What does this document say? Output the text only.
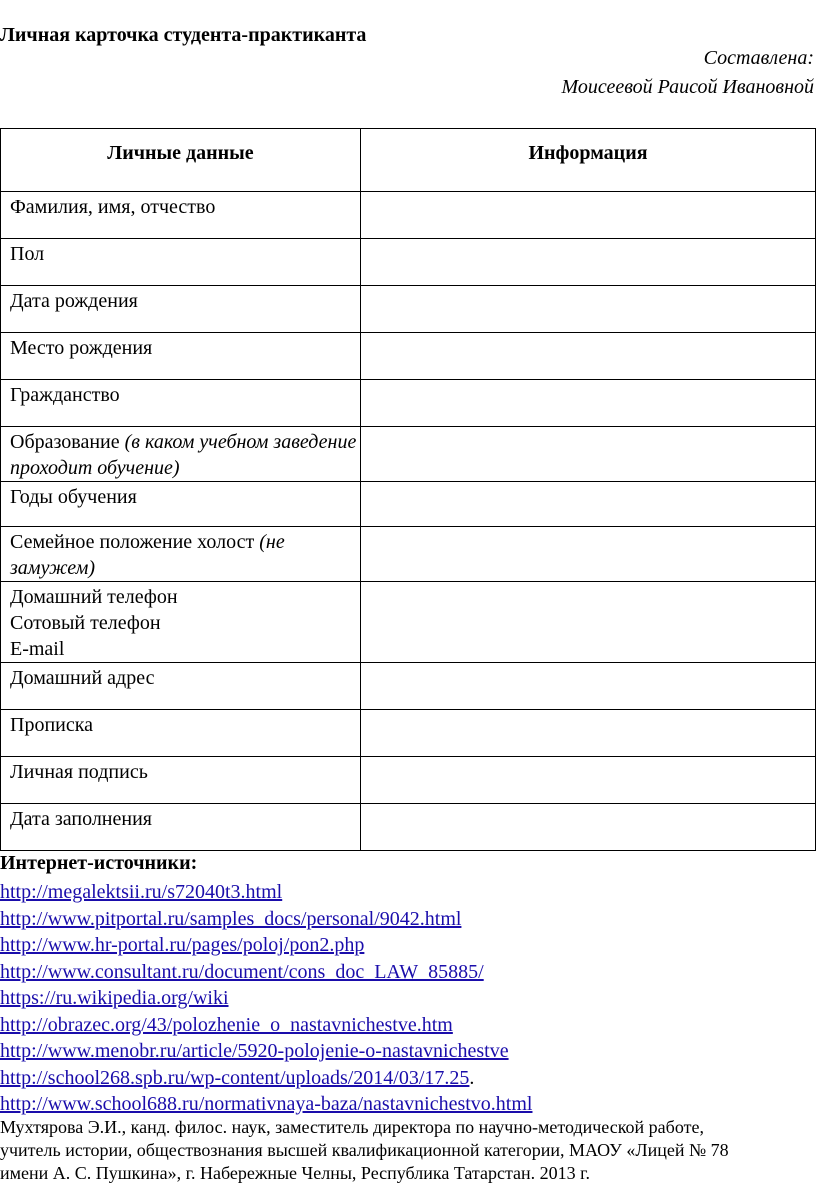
Личная карточка студента-практиканта
Составлена:
Моисеевой Раисой Ивановной
Личные данные	Информация
Фамилия, имя, отчество	
Пол	
Дата рождения	
Место рождения	
Гражданство	
Образование (в каком учебном заведение проходит обучение)	
Годы обучения	
Семейное положение холост (не замужем)	

Домашний телефон
Сотовый телефон
E-mail	

Домашний адрес	
Прописка	
Личная подпись	
Дата заполнения	
Интернет-источники:
http://megalektsii.ru/s72040t3.html
http://www.pitportal.ru/samples_docs/personal/9042.html
http://www.hr-portal.ru/pages/poloj/pon2.php
http://www.consultant.ru/document/cons_doc_LAW_85885/
https://ru.wikipedia.org/wiki
http://obrazec.org/43/polozhenie_o_nastavnichestve.htm
http://www.menobr.ru/article/5920-polojenie-o-nastavnichestve
http://school268.spb.ru/wp-content/uploads/2014/03/17.25.
http://www.school688.ru/normativnaya-baza/nastavnichestvo.html

Мухтярова Э.И., канд. филос. наук, заместитель директора по научно-методической работе,

учитель истории, обществознания высшей квалификационной категории, МАОУ «Лицей № 78

имени А. С. Пушкина», г. Набережные Челны, Республика Татарстан. 2013 г.
